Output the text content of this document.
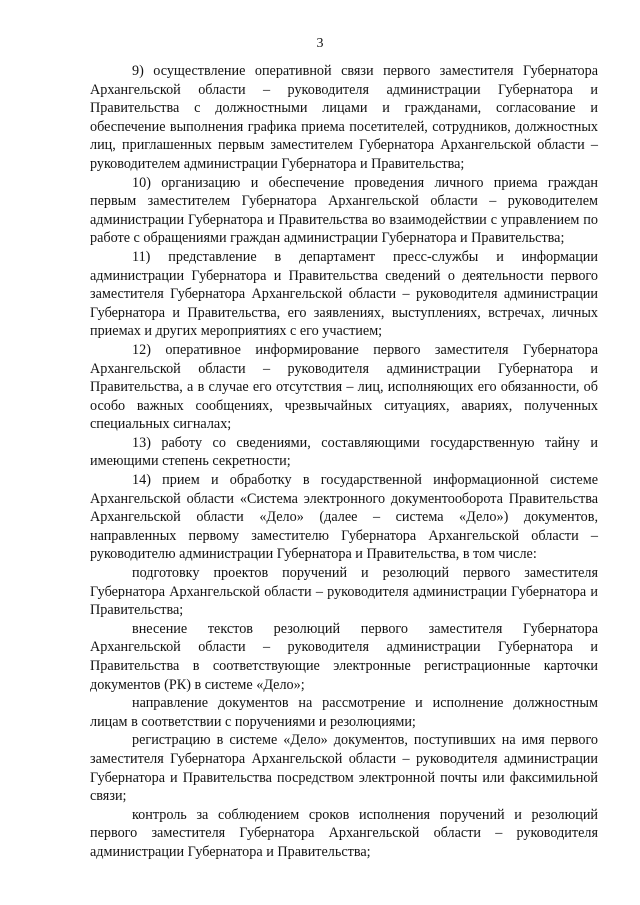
3

9) осуществление оперативной связи первого заместителя Губернатора Архангельской области – руководителя администрации Губернатора и Правительства с должностными лицами и гражданами, согласование и обеспечение выполнения графика приема посетителей, сотрудников, должностных лиц, приглашенных первым заместителем Губернатора Архангельской области – руководителем администрации Губернатора и Правительства;

10) организацию и обеспечение проведения личного приема граждан первым заместителем Губернатора Архангельской области – руководителем администрации Губернатора и Правительства во взаимодействии с управлением по работе с обращениями граждан администрации Губернатора и Правительства;

11) представление в департамент пресс-службы и информации администрации Губернатора и Правительства сведений о деятельности первого заместителя Губернатора Архангельской области – руководителя администрации Губернатора и Правительства, его заявлениях, выступлениях, встречах, личных приемах и других мероприятиях с его участием;

12) оперативное информирование первого заместителя Губернатора Архангельской области – руководителя администрации Губернатора и Правительства, а в случае его отсутствия – лиц, исполняющих его обязанности, об особо важных сообщениях, чрезвычайных ситуациях, авариях, полученных специальных сигналах;

13) работу со сведениями, составляющими государственную тайну и имеющими степень секретности;

14) прием и обработку в государственной информационной системе Архангельской области «Система электронного документооборота Правительства Архангельской области «Дело» (далее – система «Дело») документов, направленных первому заместителю Губернатора Архангельской области – руководителю администрации Губернатора и Правительства, в том числе:

подготовку проектов поручений и резолюций первого заместителя Губернатора Архангельской области – руководителя администрации Губернатора и Правительства;

внесение текстов резолюций первого заместителя Губернатора Архангельской области – руководителя администрации Губернатора и Правительства в соответствующие электронные регистрационные карточки документов (РК) в системе «Дело»;

направление документов на рассмотрение и исполнение должностным лицам в соответствии с поручениями и резолюциями;

регистрацию в системе «Дело» документов, поступивших на имя первого заместителя Губернатора Архангельской области – руководителя администрации Губернатора и Правительства посредством электронной почты или факсимильной связи;

контроль за соблюдением сроков исполнения поручений и резолюций первого заместителя Губернатора Архангельской области – руководителя администрации Губернатора и Правительства;
